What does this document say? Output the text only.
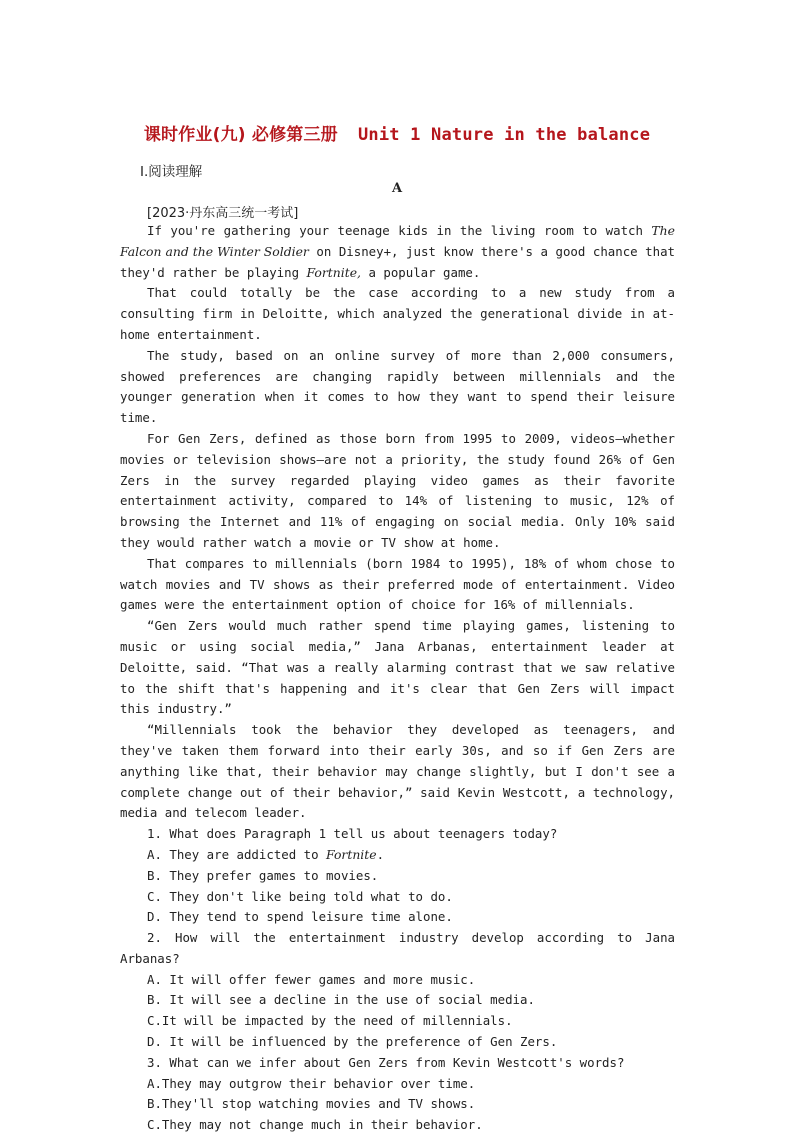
课时作业(九) 必修第三册 Unit 1 Nature in the balance
Ⅰ.阅读理解
A
[2023·丹东高三统一考试]

If you're gathering your teenage kids in the living room to watch The Falcon and the Winter Soldier on Disney+, just know there's a good chance that they'd rather be playing Fortnite, a popular game.

That could totally be the case according to a new study from a consulting firm in Deloitte, which analyzed the generational divide in at-home entertainment.

The study, based on an online survey of more than 2,000 consumers, showed preferences are changing rapidly between millennials and the younger generation when it comes to how they want to spend their leisure time.

For Gen Zers, defined as those born from 1995 to 2009, videos—whether movies or television shows—are not a priority, the study found 26% of Gen Zers in the survey regarded playing video games as their favorite entertainment activity, compared to 14% of listening to music, 12% of browsing the Internet and 11% of engaging on social media. Only 10% said they would rather watch a movie or TV show at home.

That compares to millennials (born 1984 to 1995), 18% of whom chose to watch movies and TV shows as their preferred mode of entertainment. Video games were the entertainment option of choice for 16% of millennials.

“Gen Zers would much rather spend time playing games, listening to music or using social media,” Jana Arbanas, entertainment leader at Deloitte, said. “That was a really alarming contrast that we saw relative to the shift that's happening and it's clear that Gen Zers will impact this industry.”

“Millennials took the behavior they developed as teenagers, and they've taken them forward into their early 30s, and so if Gen Zers are anything like that, their behavior may change slightly, but I don't see a complete change out of their behavior,” said Kevin Westcott, a technology, media and telecom leader.

1. What does Paragraph 1 tell us about teenagers today?

A. They are addicted to Fortnite.

B. They prefer games to movies.

C. They don't like being told what to do.

D. They tend to spend leisure time alone.

2. How will the entertainment industry develop according to Jana Arbanas?

A. It will offer fewer games and more music.

B. It will see a decline in the use of social media.

C.It will be impacted by the need of millennials.

D. It will be influenced by the preference of Gen Zers.

3. What can we infer about Gen Zers from Kevin Westcott's words?

A.They may outgrow their behavior over time.

B.They'll stop watching movies and TV shows.

C.They may not change much in their behavior.
